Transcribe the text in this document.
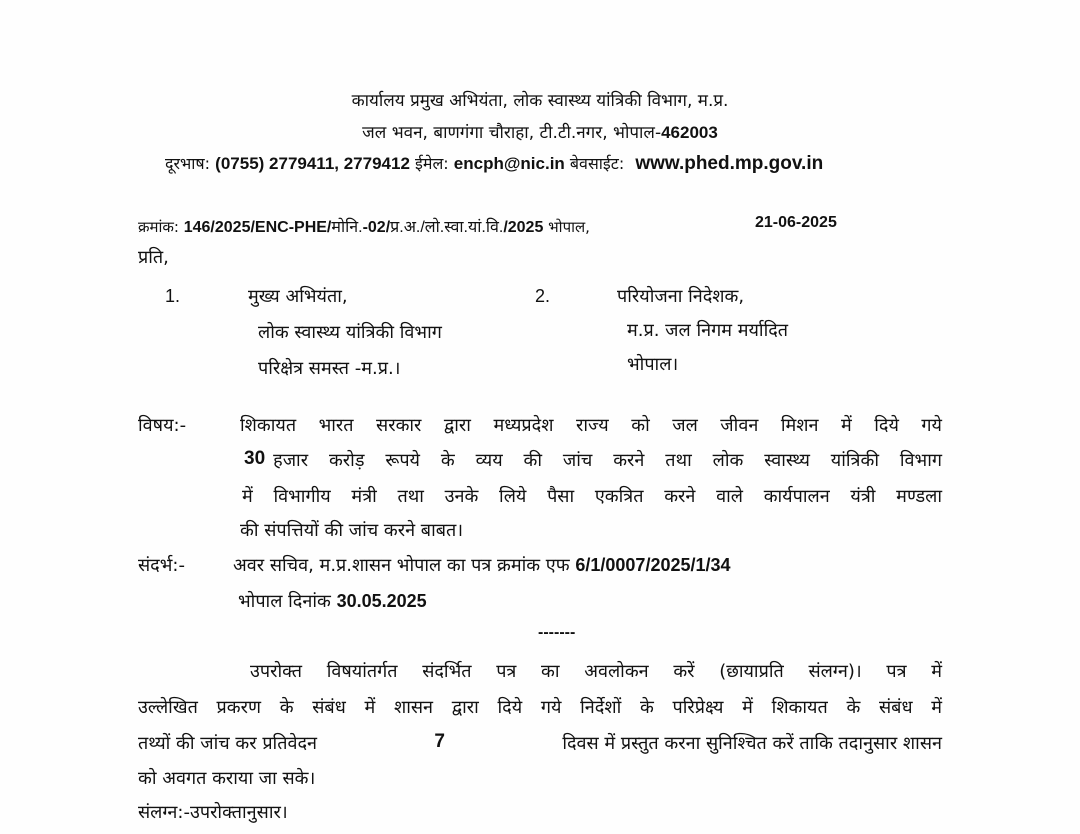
कार्यालय प्रमुख अभियंता, लोक स्वास्थ्य यांत्रिकी विभाग, म.प्र.
जल भवन, बाणगंगा चौराहा, टी.टी.नगर, भोपाल-462003
दूरभाष: (0755) 2779411, 2779412 ईमेल: encph@nic.in बेवसाईट: www.phed.mp.gov.in
क्रमांक: 146/2025/ENC-PHE/मोनि.-02/प्र.अ./लो.स्वा.यां.वि./2025 भोपाल,	21-06-2025
प्रति,
1.	मुख्य अभियंता,
लोक स्वास्थ्य यांत्रिकी विभाग
परिक्षेत्र समस्त -म.प्र.।
2.	परियोजना निदेशक,
म.प्र. जल निगम मर्यादित
भोपाल।
विषय:-	शिकायत भारत सरकार द्वारा मध्यप्रदेश राज्य को जल जीवन मिशन में दिये गये
30 हजार करोड़ रूपये के व्यय की जांच करने तथा लोक स्वास्थ्य यांत्रिकी विभाग
में विभागीय मंत्री तथा उनके लिये पैसा एकत्रित करने वाले कार्यपालन यंत्री मण्डला
की संपत्तियों की जांच करने बाबत।
संदर्भ:-	अवर सचिव, म.प्र.शासन भोपाल का पत्र क्रमांक एफ 6/1/0007/2025/1/34
भोपाल दिनांक 30.05.2025
-------
उपरोक्त विषयांतर्गत संदर्भित पत्र का अवलोकन करें (छायाप्रति संलग्न)। पत्र में
उल्लेखित प्रकरण के संबंध में शासन द्वारा दिये गये निर्देशों के परिप्रेक्ष्य में शिकायत के संबंध में
तथ्यों की जांच कर प्रतिवेदन	7	दिवस में प्रस्तुत करना सुनिश्चित करें ताकि तदानुसार शासन
को अवगत कराया जा सके।
संलग्न:-उपरोक्तानुसार।
